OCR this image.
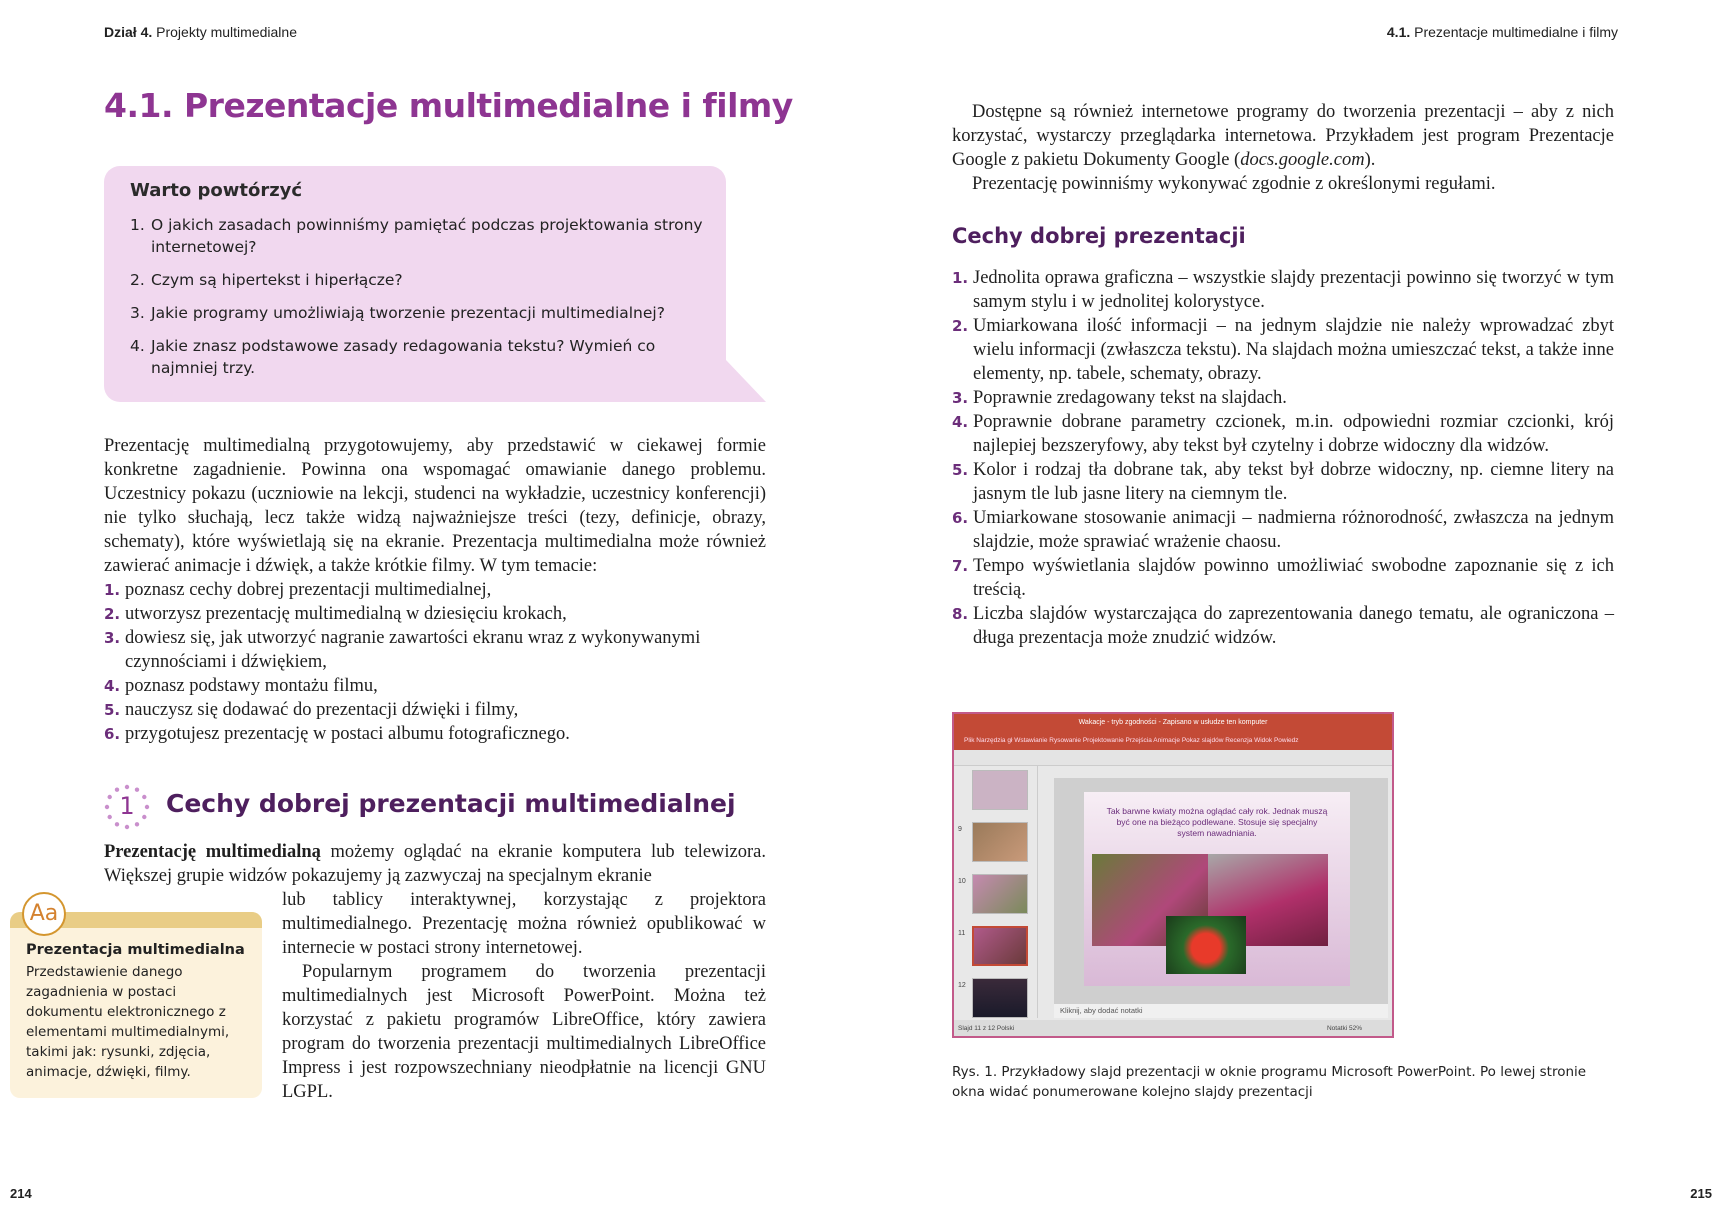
Dział 4. Projekty multimedialne	4.1. Prezentacje multimedialne i filmy
4.1. Prezentacje multimedialne i filmy
Warto powtórzyć
1. O jakich zasadach powinniśmy pamiętać podczas projektowania strony internetowej?
2. Czym są hipertekst i hiperłącze?
3. Jakie programy umożliwiają tworzenie prezentacji multimedialnej?
4. Jakie znasz podstawowe zasady redagowania tekstu? Wymień co najmniej trzy.

Prezentację multimedialną przygotowujemy, aby przedstawić w ciekawej formie konkretne zagadnienie. Powinna ona wspomagać omawianie danego problemu. Uczestnicy pokazu (uczniowie na lekcji, studenci na wykładzie, uczestnicy konferencji) nie tylko słuchają, lecz także widzą najważniejsze treści (tezy, definicje, obrazy, schematy), które wyświetlają się na ekranie. Prezentacja multimedialna może również zawierać animacje i dźwięk, a także krótkie filmy. W tym temacie:

1. poznasz cechy dobrej prezentacji multimedialnej,
2. utworzysz prezentację multimedialną w dziesięciu krokach,
3. dowiesz się, jak utworzyć nagranie zawartości ekranu wraz z wykonywanymi czynnościami i dźwiękiem,
4. poznasz podstawy montażu filmu,
5. nauczysz się dodawać do prezentacji dźwięki i filmy,
6. przygotujesz prezentację w postaci albumu fotograficznego.
1	Cechy dobrej prezentacji multimedialnej

Prezentację multimedialną możemy oglądać na ekranie komputera lub telewizora. Większej grupie widzów pokazujemy ją zazwyczaj na specjalnym ekranie

lub tablicy interaktywnej, korzystając z projektora multimedialnego. Prezentację można również opublikować w internecie w postaci strony internetowej.

Popularnym programem do tworzenia prezentacji multimedialnych jest Microsoft PowerPoint. Można też korzystać z pakietu programów LibreOffice, który zawiera program do tworzenia prezentacji multimedialnych LibreOffice Impress i jest rozpowszechniany nieodpłatnie na licencji GNU LGPL.

Aa
Prezentacja multimedialna
Przedstawienie danego zagadnienia w postaci dokumentu elektronicznego z elementami multimedialnymi, takimi jak: rysunki, zdjęcia, animacje, dźwięki, filmy.
214

Dostępne są również internetowe programy do tworzenia prezentacji – aby z nich korzystać, wystarczy przeglądarka internetowa. Przykładem jest program Prezentacje Google z pakietu Dokumenty Google (docs.google.com).

Prezentację powinniśmy wykonywać zgodnie z określonymi regułami.

Cechy dobrej prezentacji
1. Jednolita oprawa graficzna – wszystkie slajdy prezentacji powinno się tworzyć w tym samym stylu i w jednolitej kolorystyce.
2. Umiarkowana ilość informacji – na jednym slajdzie nie należy wprowadzać zbyt wielu informacji (zwłaszcza tekstu). Na slajdach można umieszczać tekst, a także inne elementy, np. tabele, schematy, obrazy.
3. Poprawnie zredagowany tekst na slajdach.
4. Poprawnie dobrane parametry czcionek, m.in. odpowiedni rozmiar czcionki, krój najlepiej bezszeryfowy, aby tekst był czytelny i dobrze widoczny dla widzów.
5. Kolor i rodzaj tła dobrane tak, aby tekst był dobrze widoczny, np. ciemne litery na jasnym tle lub jasne litery na ciemnym tle.
6. Umiarkowane stosowanie animacji – nadmierna różnorodność, zwłaszcza na jednym slajdzie, może sprawiać wrażenie chaosu.
7. Tempo wyświetlania slajdów powinno umożliwiać swobodne zapoznanie się z ich treścią.
8. Liczba slajdów wystarczająca do zaprezentowania danego tematu, ale ograniczona – długa prezentacja może znudzić widzów.
Wakacje - tryb zgodności - Zapisano w usłudze ten komputer
Plik Narzędzia gł Wstawianie Rysowanie Projektowanie Przejścia Animacje Pokaz slajdów Recenzja Widok Powiedz
9
10
11
12
Tak barwne kwiaty można oglądać cały rok. Jednak muszą być one na bieżąco podlewane. Stosuje się specjalny system nawadniania.
Kliknij, aby dodać notatki
Slajd 11 z 12 Polski	Notatki 52%
Rys. 1. Przykładowy slajd prezentacji w oknie programu Microsoft PowerPoint. Po lewej stronie okna widać ponumerowane kolejno slajdy prezentacji
215
